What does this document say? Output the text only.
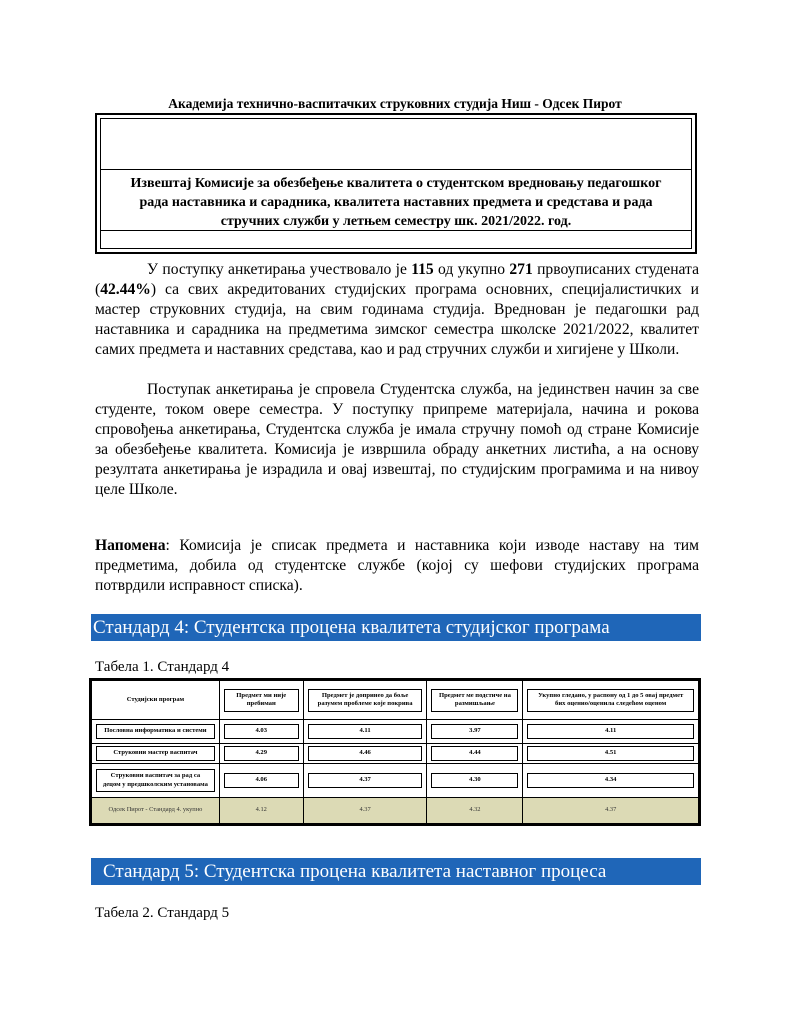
Академија технично-васпитачких струковних студија Ниш - Одсек Пирот
Извештај Комисије за обезбеђење квалитета о студентском вредновању педагошког
рада наставника и сарадника, квалитета наставних предмета и средстава и рада
стручних служби у летњем семестру шк. 2021/2022. год.
У поступку анкетирања учествовало је 115 од укупно 271 првоуписаних студената (42.44%) са свих акредитованих студијских програма основних, специјалистичких и мастер струковних студија, на свим годинама студија. Вреднован је педагошки рад наставника и сарадника на предметима зимског семестра школске 2021/2022, квалитет самих предмета и наставних средстава, као и рад стручних служби и хигијене у Школи.
Поступак анкетирања је спровела Студентска служба, на јединствен начин за све студенте, током овере семестра. У поступку припреме материјала, начина и рокова спровођења анкетирања, Студентска служба је имала стручну помоћ од стране Комисије за обезбеђење квалитета. Комисија је извршила обраду анкетних листића, а на основу резултата анкетирања је израдила и овај извештај, по студијским програмима и на нивоу целе Школе.
Напомена: Комисија је списак предмета и наставника који изводе наставу на тим предметима, добила од студентске службе (којој су шефови студијских програма потврдили исправност списка).
Стандард 4: Студентска процена квалитета студијског програма
Табела 1. Стандард 4
Студијски програм	Предмет ми није пребиман	Предмет је допринео да боље разумем проблеме које покрива	Предмет ме подстиче на размишљање	Укупно гледано, у распону од 1 до 5 овај предмет бих оценио/оценила следећом оценом

Пословна информатика и системи	4.03	4.11	3.97	4.11

Струковни мастер васпитач	4.29	4.46	4.44	4.51

Струковни васпитач за рад са децом у предшколским установама	4.06	4.37	4.30	4.34

Одсек Пирот - Стандард 4. укупно	4.12	4.37	4.32	4.37
Стандард 5: Студентска процена квалитета наставног процеса
Табела 2. Стандард 5
